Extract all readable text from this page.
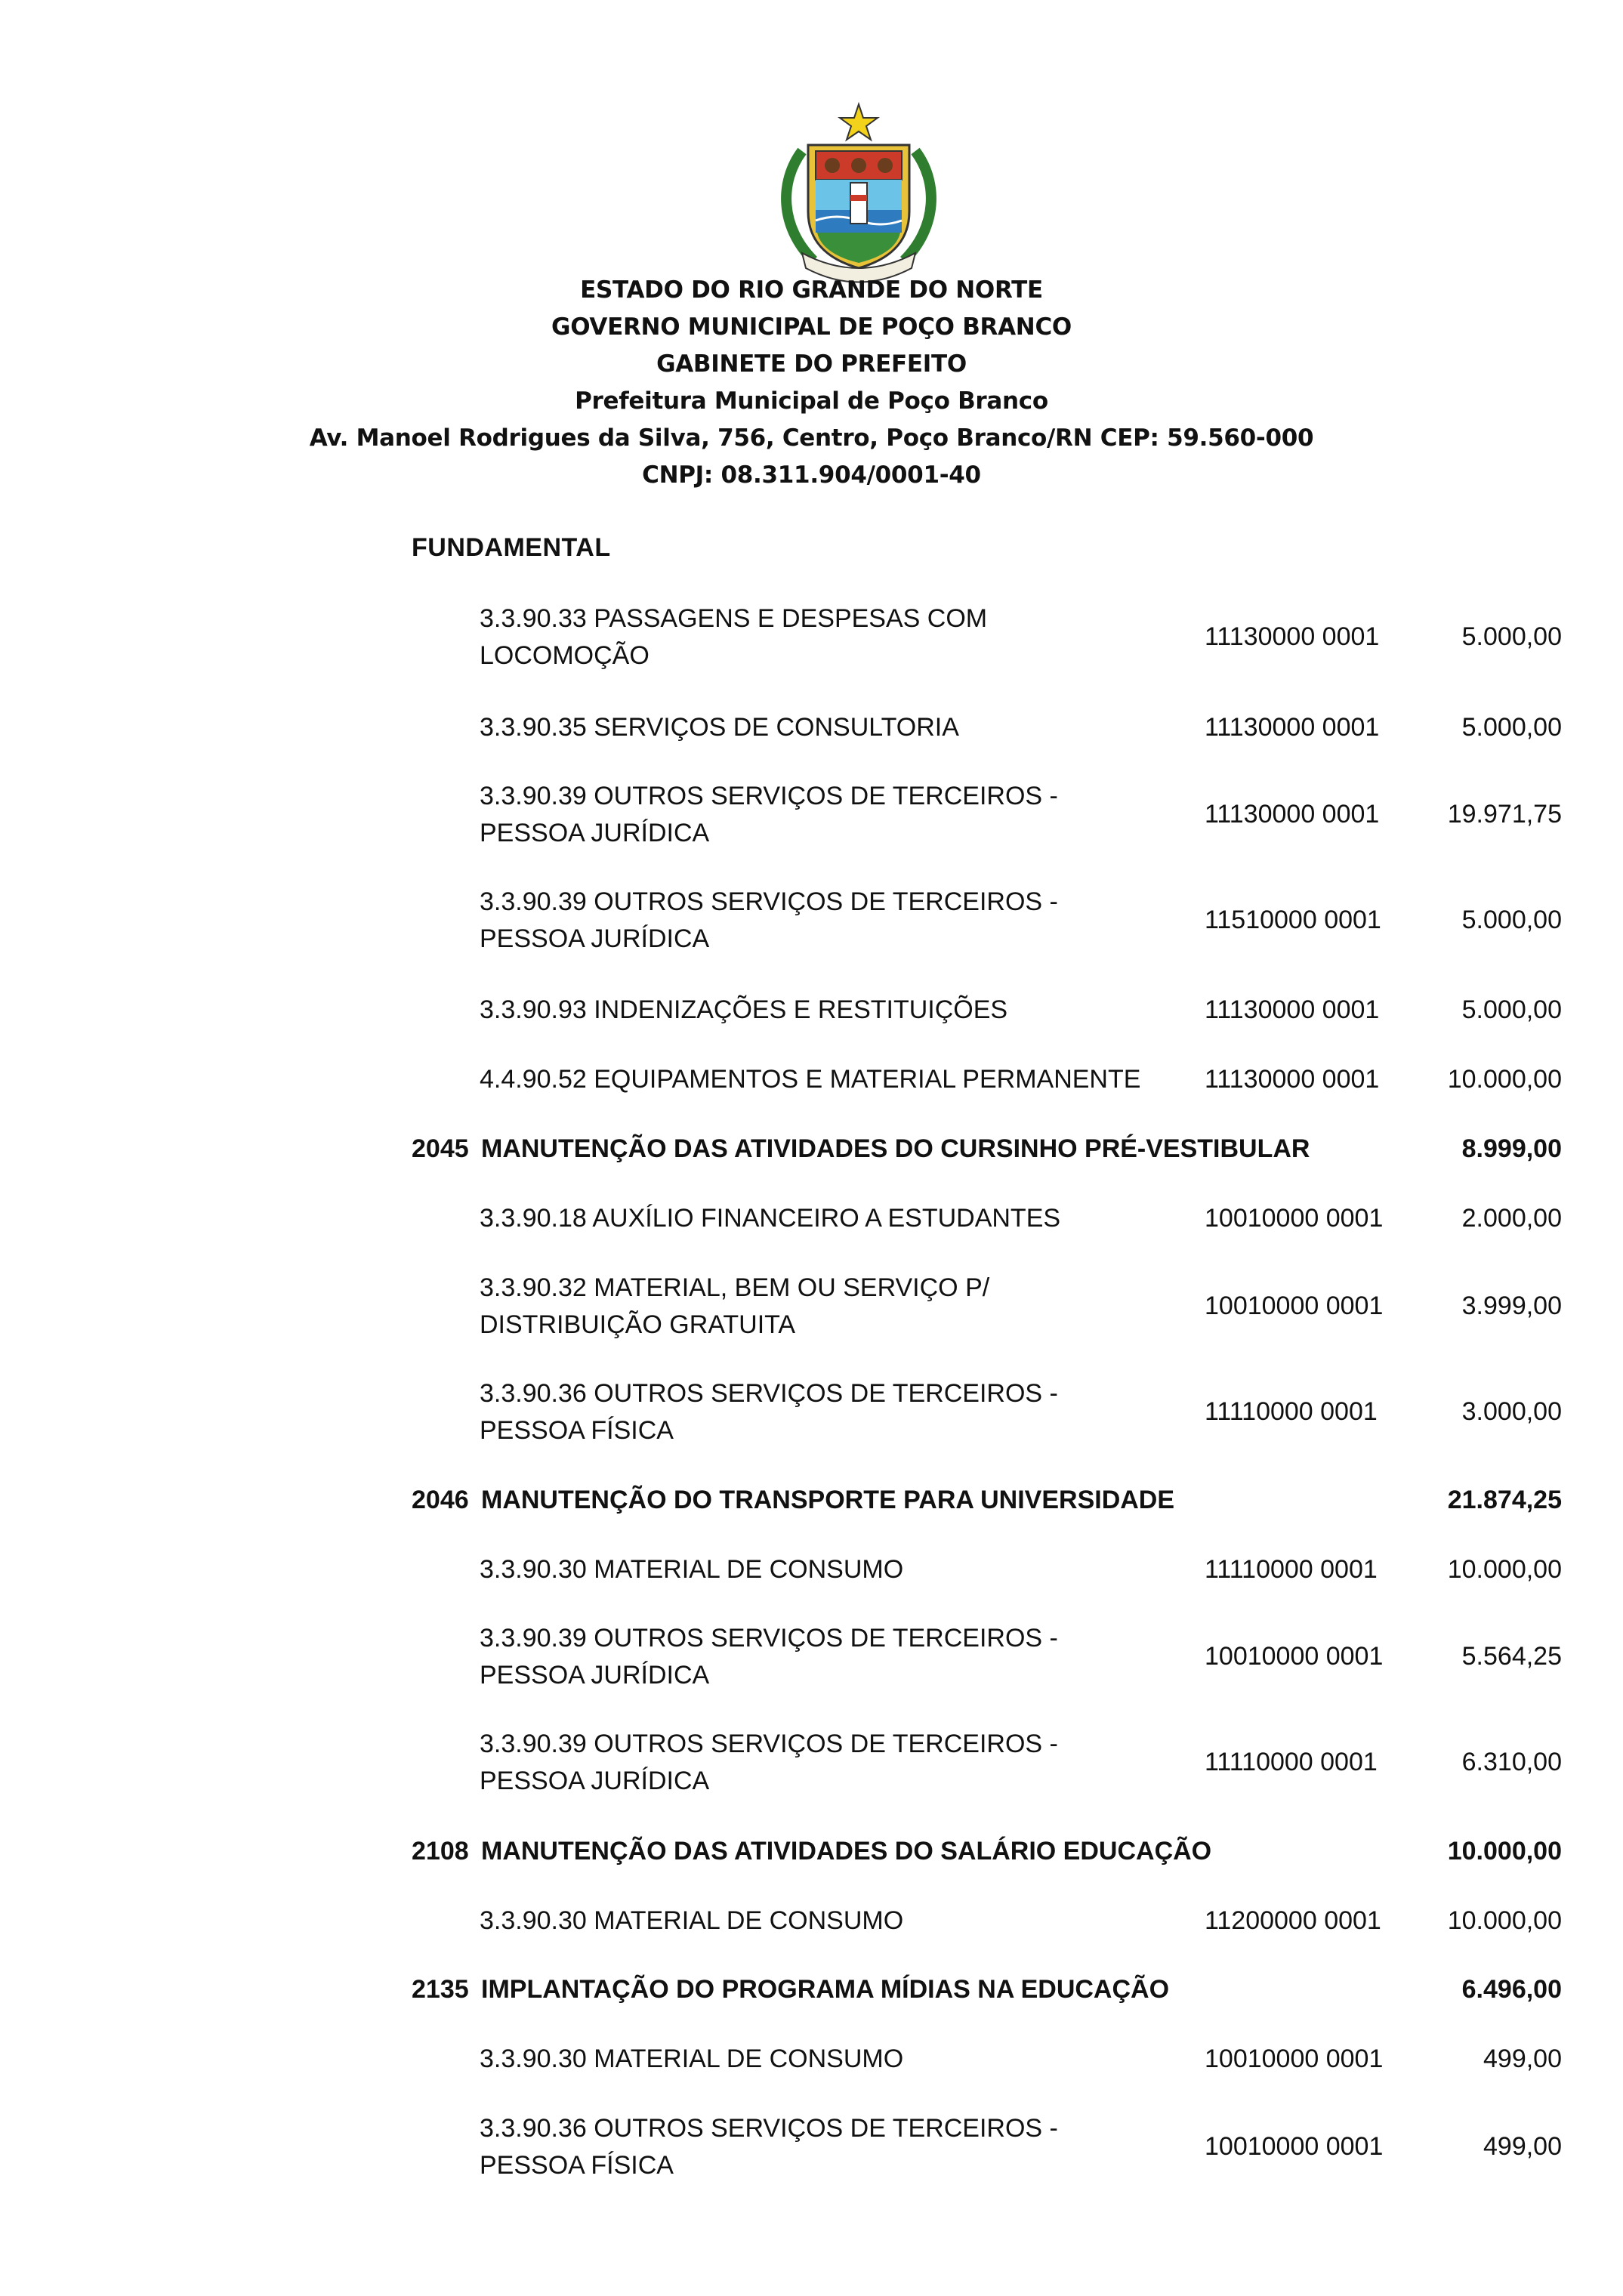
ESTADO DO RIO GRANDE DO NORTE
GOVERNO MUNICIPAL DE POÇO BRANCO
GABINETE DO PREFEITO
Prefeitura Municipal de Poço Branco
Av. Manoel Rodrigues da Silva, 756, Centro, Poço Branco/RN CEP: 59.560-000
CNPJ: 08.311.904/0001-40
FUNDAMENTAL
3.3.90.33 PASSAGENS E DESPESAS COM
LOCOMOÇÃO
11130000 0001	5.000,00
3.3.90.35 SERVIÇOS DE CONSULTORIA	11130000 0001	5.000,00
3.3.90.39 OUTROS SERVIÇOS DE TERCEIROS -
PESSOA JURÍDICA
11130000 0001	19.971,75
3.3.90.39 OUTROS SERVIÇOS DE TERCEIROS -
PESSOA JURÍDICA
11510000 0001	5.000,00
3.3.90.93 INDENIZAÇÕES E RESTITUIÇÕES	11130000 0001	5.000,00
4.4.90.52 EQUIPAMENTOS E MATERIAL PERMANENTE	11130000 0001	10.000,00
2045 MANUTENÇÃO DAS ATIVIDADES DO CURSINHO PRÉ-VESTIBULAR	8.999,00
3.3.90.18 AUXÍLIO FINANCEIRO A ESTUDANTES	10010000 0001	2.000,00
3.3.90.32 MATERIAL, BEM OU SERVIÇO P/
DISTRIBUIÇÃO GRATUITA
10010000 0001	3.999,00
3.3.90.36 OUTROS SERVIÇOS DE TERCEIROS -
PESSOA FÍSICA
11110000 0001	3.000,00
2046 MANUTENÇÃO DO TRANSPORTE PARA UNIVERSIDADE	21.874,25
3.3.90.30 MATERIAL DE CONSUMO	11110000 0001	10.000,00
3.3.90.39 OUTROS SERVIÇOS DE TERCEIROS -
PESSOA JURÍDICA
10010000 0001	5.564,25
3.3.90.39 OUTROS SERVIÇOS DE TERCEIROS -
PESSOA JURÍDICA
11110000 0001	6.310,00
2108 MANUTENÇÃO DAS ATIVIDADES DO SALÁRIO EDUCAÇÃO	10.000,00
3.3.90.30 MATERIAL DE CONSUMO	11200000 0001	10.000,00
2135 IMPLANTAÇÃO DO PROGRAMA MÍDIAS NA EDUCAÇÃO	6.496,00
3.3.90.30 MATERIAL DE CONSUMO	10010000 0001	499,00
3.3.90.36 OUTROS SERVIÇOS DE TERCEIROS -
PESSOA FÍSICA
10010000 0001	499,00
